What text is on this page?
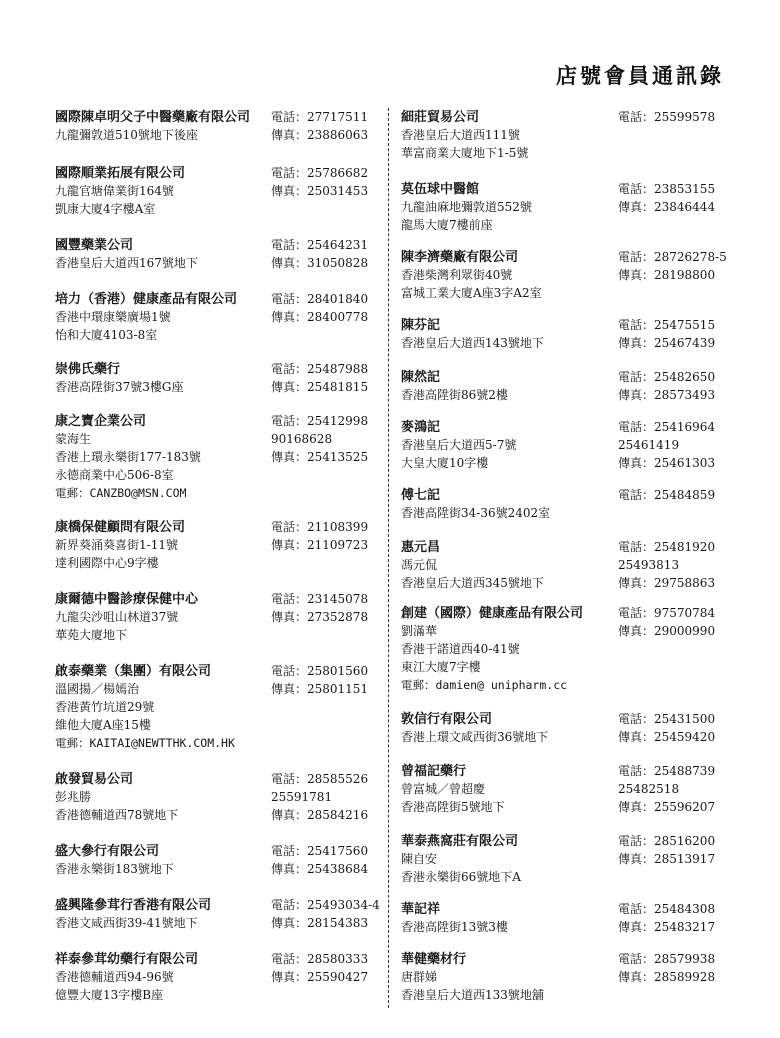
店號會員通訊錄
國際陳卓明父子中醫藥廠有限公司 電話：27717511
九龍彌敦道510號地下後座	傳真：23886063
國際順業拓展有限公司	電話：25786682
九龍官塘偉業街164號	傳真：25031453
凱康大廈4字樓A室
國豐藥業公司	電話：25464231
香港皇后大道西167號地下	傳真：31050828
培力（香港）健康產品有限公司	電話：28401840
香港中環康樂廣場1號	傳真：28400778
怡和大廈4103-8室
崇佛氏藥行	電話：25487988
香港高陞街37號3樓G座	傳真：25481815
康之寶企業公司	電話：25412998
蒙海生	90168628
香港上環永樂街177-183號	傳真：25413525
永德商業中心506-8室
電郵：CANZBO@MSN.COM
康橋保健顧問有限公司	電話：21108399
新界葵涌葵喜街1-11號	傳真：21109723
達利國際中心9字樓
康爾德中醫診療保健中心	電話：23145078
九龍尖沙咀山林道37號	傳真：27352878
華苑大廈地下
啟泰藥業（集團）有限公司	電話：25801560
溫國揚／楊嫣治	傳真：25801151
香港黃竹坑道29號
維他大廈A座15樓
電郵：KAITAI@NEWTTHK.COM.HK
啟發貿易公司	電話：28585526
彭兆勝	25591781
香港德輔道西78號地下	傳真：28584216
盛大參行有限公司	電話：25417560
香港永樂街183號地下	傳真：25438684
盛興隆參茸行香港有限公司	電話：25493034-4
香港文咸西街39-41號地下	傳真：28154383
祥泰參茸幼藥行有限公司	電話：28580333
香港德輔道西94-96號	傳真：25590427
億豐大廈13字樓B座
細莊貿易公司	電話：25599578
香港皇后大道西111號
華富商業大廈地下1-5號
莫伍球中醫館	電話：23853155
九龍油麻地彌敦道552號	傳真：23846444
龍馬大廈7樓前座
陳李濟藥廠有限公司	電話：28726278-5
香港柴灣利眾街40號	傳真：28198800
富城工業大廈A座3字A2室
陳芬記	電話：25475515
香港皇后大道西143號地下	傳真：25467439
陳然記	電話：25482650
香港高陞街86號2樓	傳真：28573493
麥鴻記	電話：25416964
香港皇后大道西5-7號	25461419
大皇大廈10字樓	傳真：25461303
傅七記	電話：25484859
香港高陞街34-36號2402室
惠元昌	電話：25481920
馮元侃	25493813
香港皇后大道西345號地下	傳真：29758863
創建（國際）健康產品有限公司	電話：97570784
劉滿華	傳真：29000990
香港干諾道西40-41號
東江大廈7字樓
電郵：damien@ unipharm.cc
敦信行有限公司	電話：25431500
香港上環文咸西街36號地下	傳真：25459420
曾福記藥行	電話：25488739
曾富城／曾超慶	25482518
香港高陞街5號地下	傳真：25596207
華泰燕窩莊有限公司	電話：28516200
陳自安	傳真：28513917
香港永樂街66號地下A
華記祥	電話：25484308
香港高陞街13號3樓	傳真：25483217
華健藥材行	電話：28579938
唐群娣	傳真：28589928
香港皇后大道西133號地舖
